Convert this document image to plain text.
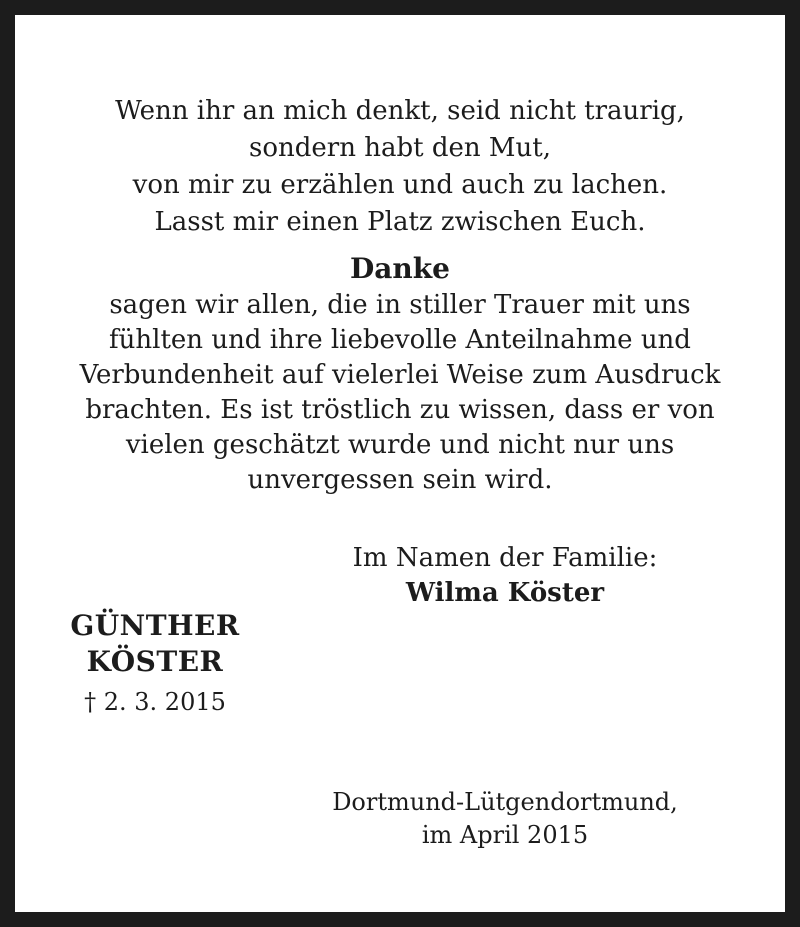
Wenn ihr an mich denkt, seid nicht traurig,
sondern habt den Mut,
von mir zu erzählen und auch zu lachen.
Lasst mir einen Platz zwischen Euch.
Danke
sagen wir allen, die in stiller Trauer mit uns
fühlten und ihre liebevolle Anteilnahme und
Verbundenheit auf vielerlei Weise zum Ausdruck
brachten. Es ist tröstlich zu wissen, dass er von
vielen geschätzt wurde und nicht nur uns
unvergessen sein wird.
Im Namen der Familie:
Wilma Köster
GÜNTHER
KÖSTER
† 2. 3. 2015
Dortmund-Lütgendortmund,
im April 2015
